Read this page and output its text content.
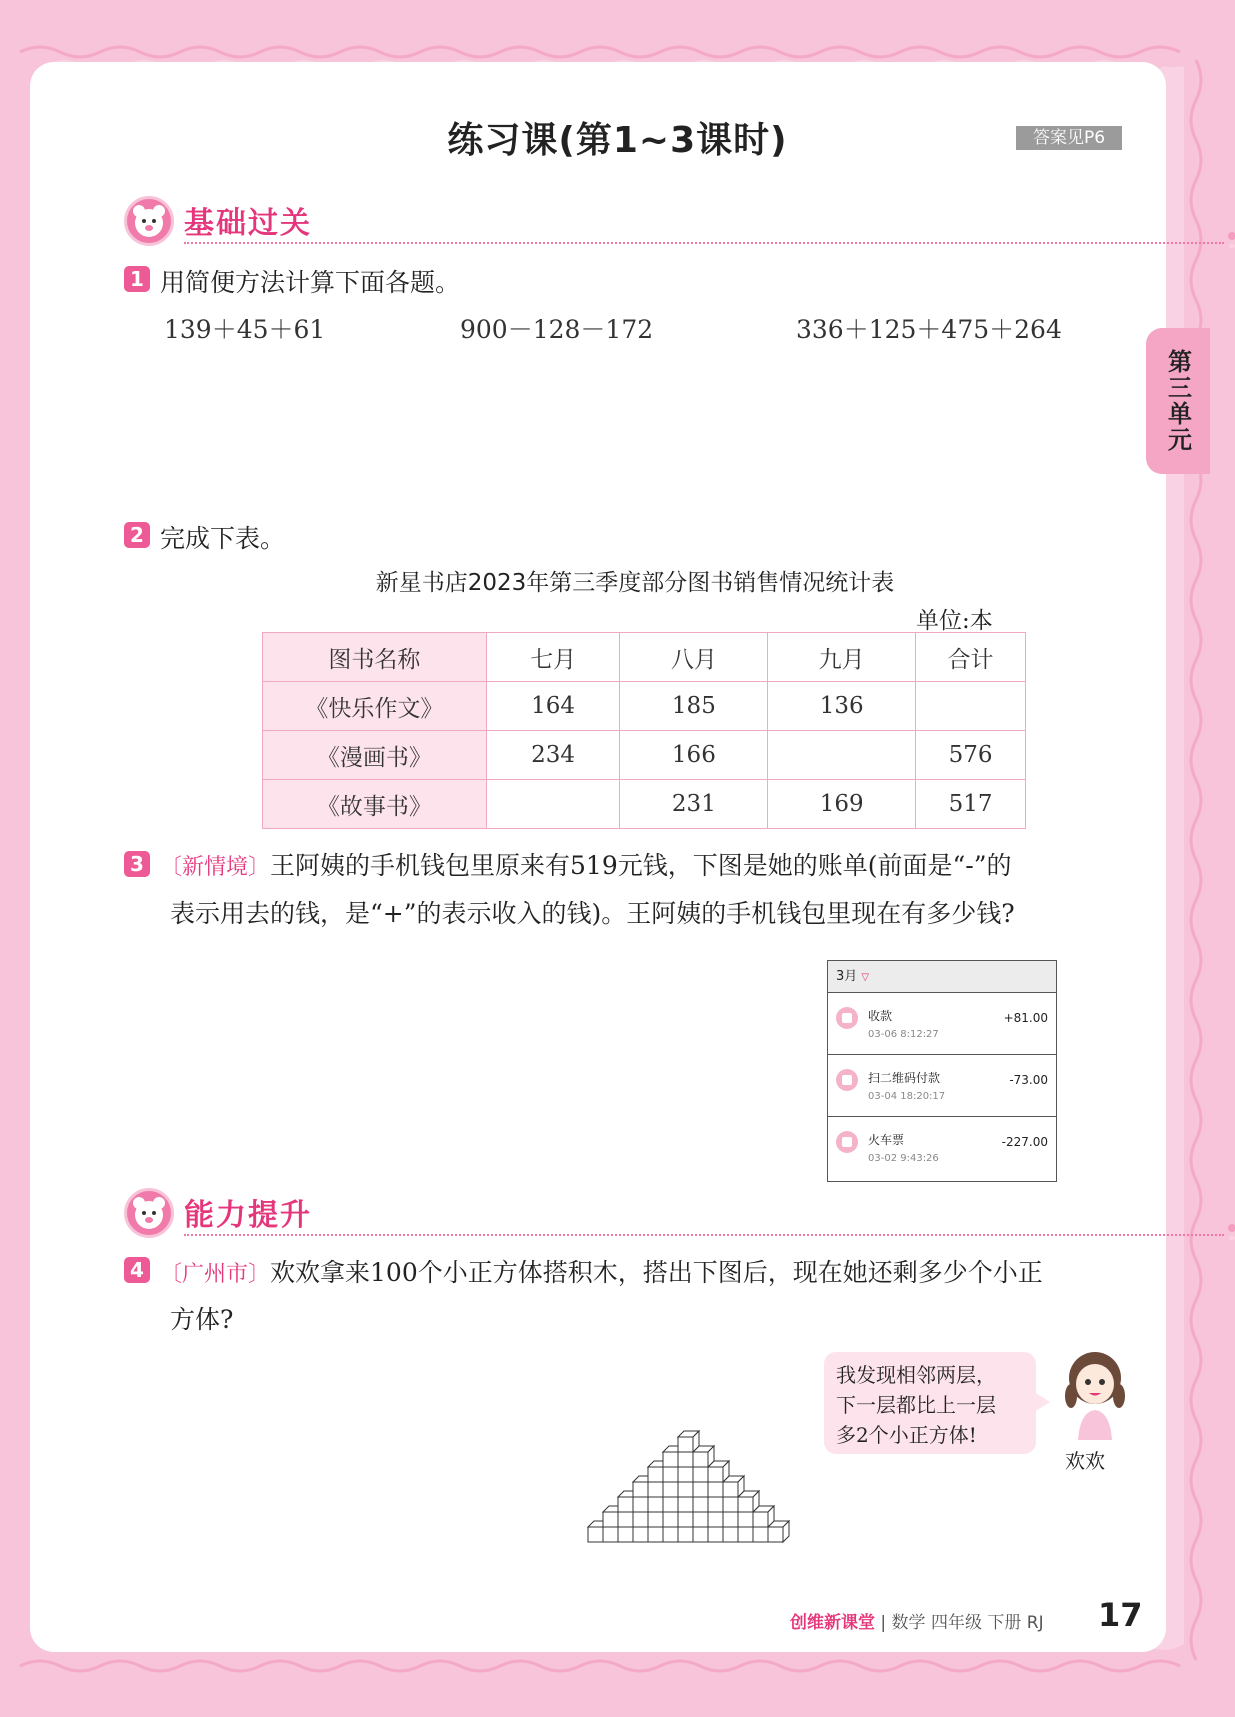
练习课(第1~3课时)	答案见P6
第三单元
基础过关
1 用简便方法计算下面各题。
139＋45＋61	900－128－172	336＋125＋475＋264
2 完成下表。
新星书店2023年第三季度部分图书销售情况统计表
单位:本
图书名称	七月	八月	九月	合计
《快乐作文》	164	185	136	
《漫画书》	234	166		576
《故事书》		231	169	517
3 〔新情境〕王阿姨的手机钱包里原来有519元钱，下图是她的账单(前面是“-”的
表示用去的钱，是“+”的表示收入的钱)。王阿姨的手机钱包里现在有多少钱?
3月 ▽
收款
03-06 8:12:27
+81.00
扫二维码付款
03-04 18:20:17
-73.00
火车票
03-02 9:43:26
-227.00
能力提升
4 〔广州市〕欢欢拿来100个小正方体搭积木，搭出下图后，现在她还剩多少个小正
方体?
我发现相邻两层，
下一层都比上一层
多2个小正方体!
欢欢
创维新课堂 | 数学 四年级 下册 RJ 17
